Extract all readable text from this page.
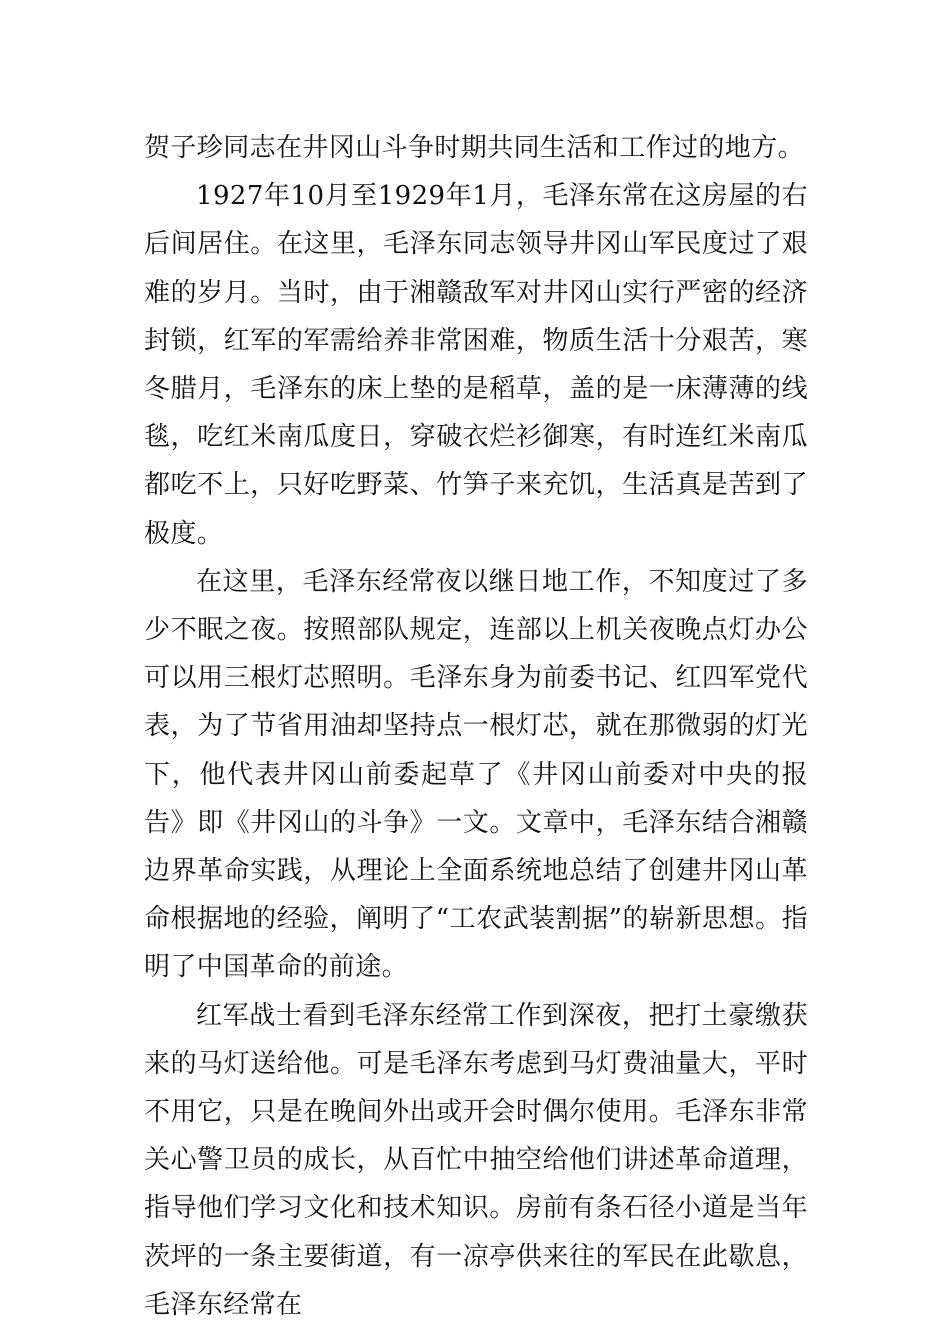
贺子珍同志在井冈山斗争时期共同生活和工作过的地方。

1927年10月至1929年1月，毛泽东常在这房屋的右后间居住。在这里，毛泽东同志领导井冈山军民度过了艰难的岁月。当时，由于湘赣敌军对井冈山实行严密的经济封锁，红军的军需给养非常困难，物质生活十分艰苦，寒冬腊月，毛泽东的床上垫的是稻草，盖的是一床薄薄的线毯，吃红米南瓜度日，穿破衣烂衫御寒，有时连红米南瓜都吃不上，只好吃野菜、竹笋子来充饥，生活真是苦到了极度。

在这里，毛泽东经常夜以继日地工作，不知度过了多少不眠之夜。按照部队规定，连部以上机关夜晚点灯办公可以用三根灯芯照明。毛泽东身为前委书记、红四军党代表，为了节省用油却坚持点一根灯芯，就在那微弱的灯光下，他代表井冈山前委起草了《井冈山前委对中央的报告》即《井冈山的斗争》一文。文章中，毛泽东结合湘赣边界革命实践，从理论上全面系统地总结了创建井冈山革命根据地的经验，阐明了“工农武装割据”的崭新思想。指明了中国革命的前途。

红军战士看到毛泽东经常工作到深夜，把打土豪缴获来的马灯送给他。可是毛泽东考虑到马灯费油量大，平时不用它，只是在晚间外出或开会时偶尔使用。毛泽东非常关心警卫员的成长，从百忙中抽空给他们讲述革命道理，指导他们学习文化和技术知识。房前有条石径小道是当年茨坪的一条主要街道，有一凉亭供来往的军民在此歇息，毛泽东经常在
